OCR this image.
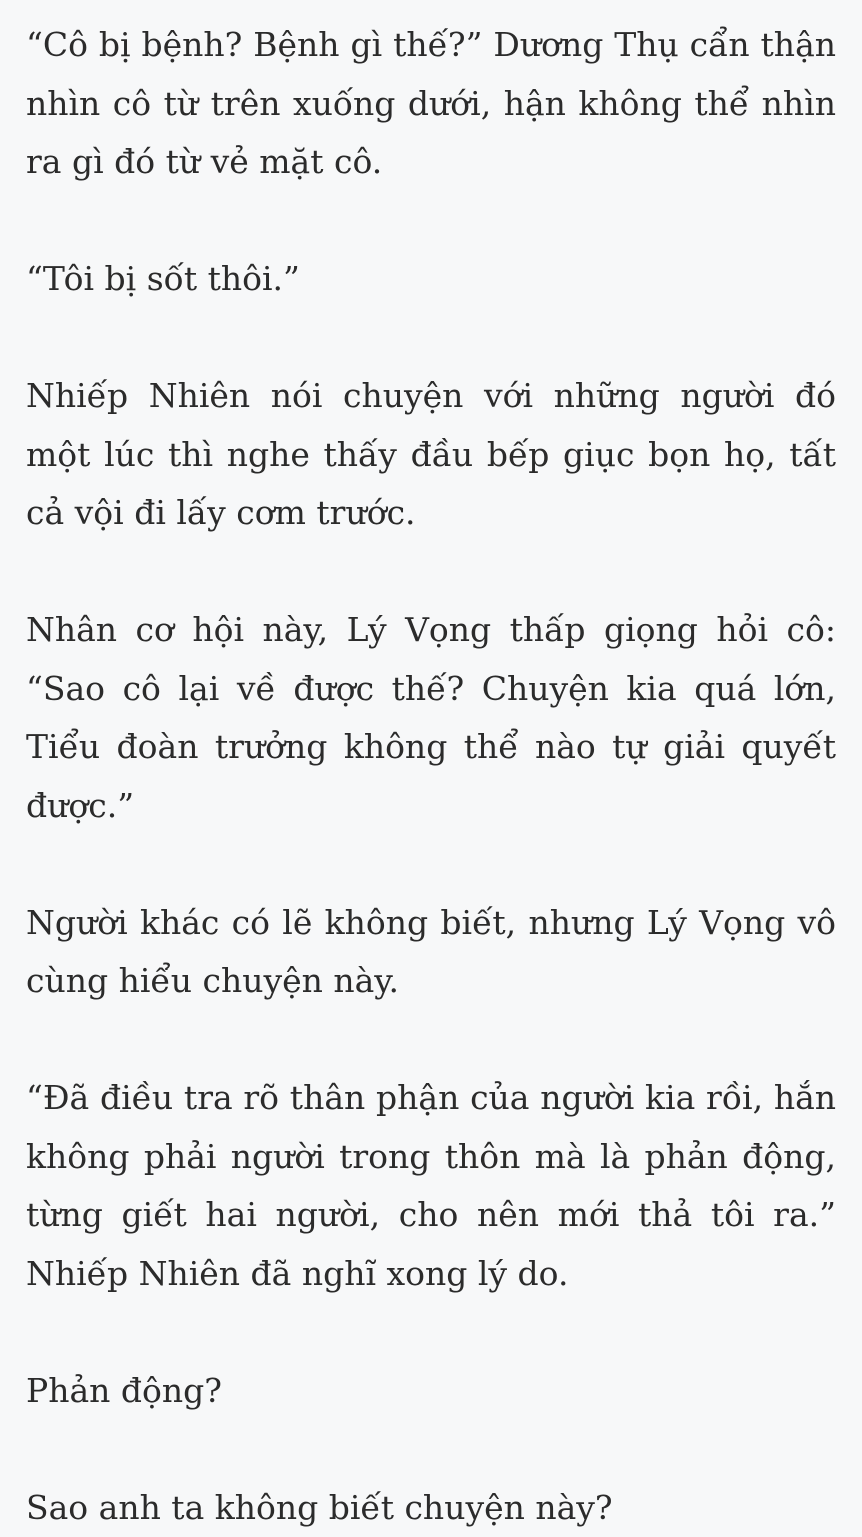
“Cô bị bệnh? Bệnh gì thế?” Dương Thụ cẩn thận nhìn cô từ trên xuống dưới, hận không thể nhìn ra gì đó từ vẻ mặt cô.

“Tôi bị sốt thôi.”

Nhiếp Nhiên nói chuyện với những người đó một lúc thì nghe thấy đầu bếp giục bọn họ, tất cả vội đi lấy cơm trước.

Nhân cơ hội này, Lý Vọng thấp giọng hỏi cô: “Sao cô lại về được thế? Chuyện kia quá lớn, Tiểu đoàn trưởng không thể nào tự giải quyết được.”

Người khác có lẽ không biết, nhưng Lý Vọng vô cùng hiểu chuyện này.

“Đã điều tra rõ thân phận của người kia rồi, hắn không phải người trong thôn mà là phản động, từng giết hai người, cho nên mới thả tôi ra.” Nhiếp Nhiên đã nghĩ xong lý do.

Phản động?

Sao anh ta không biết chuyện này?
